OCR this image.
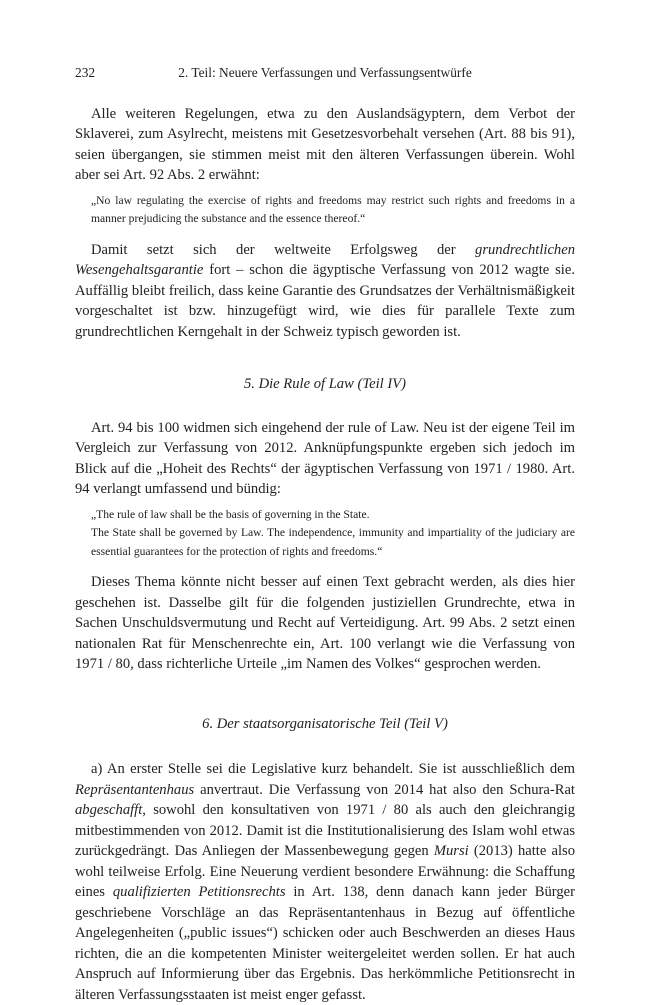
232	2. Teil: Neuere Verfassungen und Verfassungsentwürfe

Alle weiteren Regelungen, etwa zu den Auslandsägyptern, dem Verbot der Sklaverei, zum Asylrecht, meistens mit Gesetzesvorbehalt versehen (Art. 88 bis 91), seien übergangen, sie stimmen meist mit den älteren Verfassungen überein. Wohl aber sei Art. 92 Abs. 2 erwähnt:

„No law regulating the exercise of rights and freedoms may restrict such rights and freedoms in a manner prejudicing the substance and the essence thereof.“

Damit setzt sich der weltweite Erfolgsweg der grundrechtlichen Wesengehaltsgarantie fort – schon die ägyptische Verfassung von 2012 wagte sie. Auffällig bleibt freilich, dass keine Garantie des Grundsatzes der Verhältnismäßigkeit vorgeschaltet ist bzw. hinzugefügt wird, wie dies für parallele Texte zum grundrechtlichen Kerngehalt in der Schweiz typisch geworden ist.

5. Die Rule of Law (Teil IV)

Art. 94 bis 100 widmen sich eingehend der rule of Law. Neu ist der eigene Teil im Vergleich zur Verfassung von 2012. Anknüpfungspunkte ergeben sich jedoch im Blick auf die „Hoheit des Rechts“ der ägyptischen Verfassung von 1971 / 1980. Art. 94 verlangt umfassend und bündig:

„The rule of law shall be the basis of governing in the State.
The State shall be governed by Law. The independence, immunity and impartiality of the judiciary are essential guarantees for the protection of rights and freedoms.“

Dieses Thema könnte nicht besser auf einen Text gebracht werden, als dies hier geschehen ist. Dasselbe gilt für die folgenden justiziellen Grundrechte, etwa in Sachen Unschuldsvermutung und Recht auf Verteidigung. Art. 99 Abs. 2 setzt einen nationalen Rat für Menschenrechte ein, Art. 100 verlangt wie die Verfassung von 1971 / 80, dass richterliche Urteile „im Namen des Volkes“ gesprochen werden.

6. Der staatsorganisatorische Teil (Teil V)

a) An erster Stelle sei die Legislative kurz behandelt. Sie ist ausschließlich dem Repräsentantenhaus anvertraut. Die Verfassung von 2014 hat also den Schura-Rat abgeschafft, sowohl den konsultativen von 1971 / 80 als auch den gleichrangig mitbestimmenden von 2012. Damit ist die Institutionalisierung des Islam wohl etwas zurückgedrängt. Das Anliegen der Massenbewegung gegen Mursi (2013) hatte also wohl teilweise Erfolg. Eine Neuerung verdient besondere Erwähnung: die Schaffung eines qualifizierten Petitionsrechts in Art. 138, denn danach kann jeder Bürger geschriebene Vorschläge an das Repräsentantenhaus in Bezug auf öffentliche Angelegenheiten („public issues“) schicken oder auch Beschwerden an dieses Haus richten, die an die kompetenten Minister weitergeleitet werden sollen. Er hat auch Anspruch auf Informierung über das Ergebnis. Das herkömmliche Petitionsrecht in älteren Verfassungsstaaten ist meist enger gefasst.
